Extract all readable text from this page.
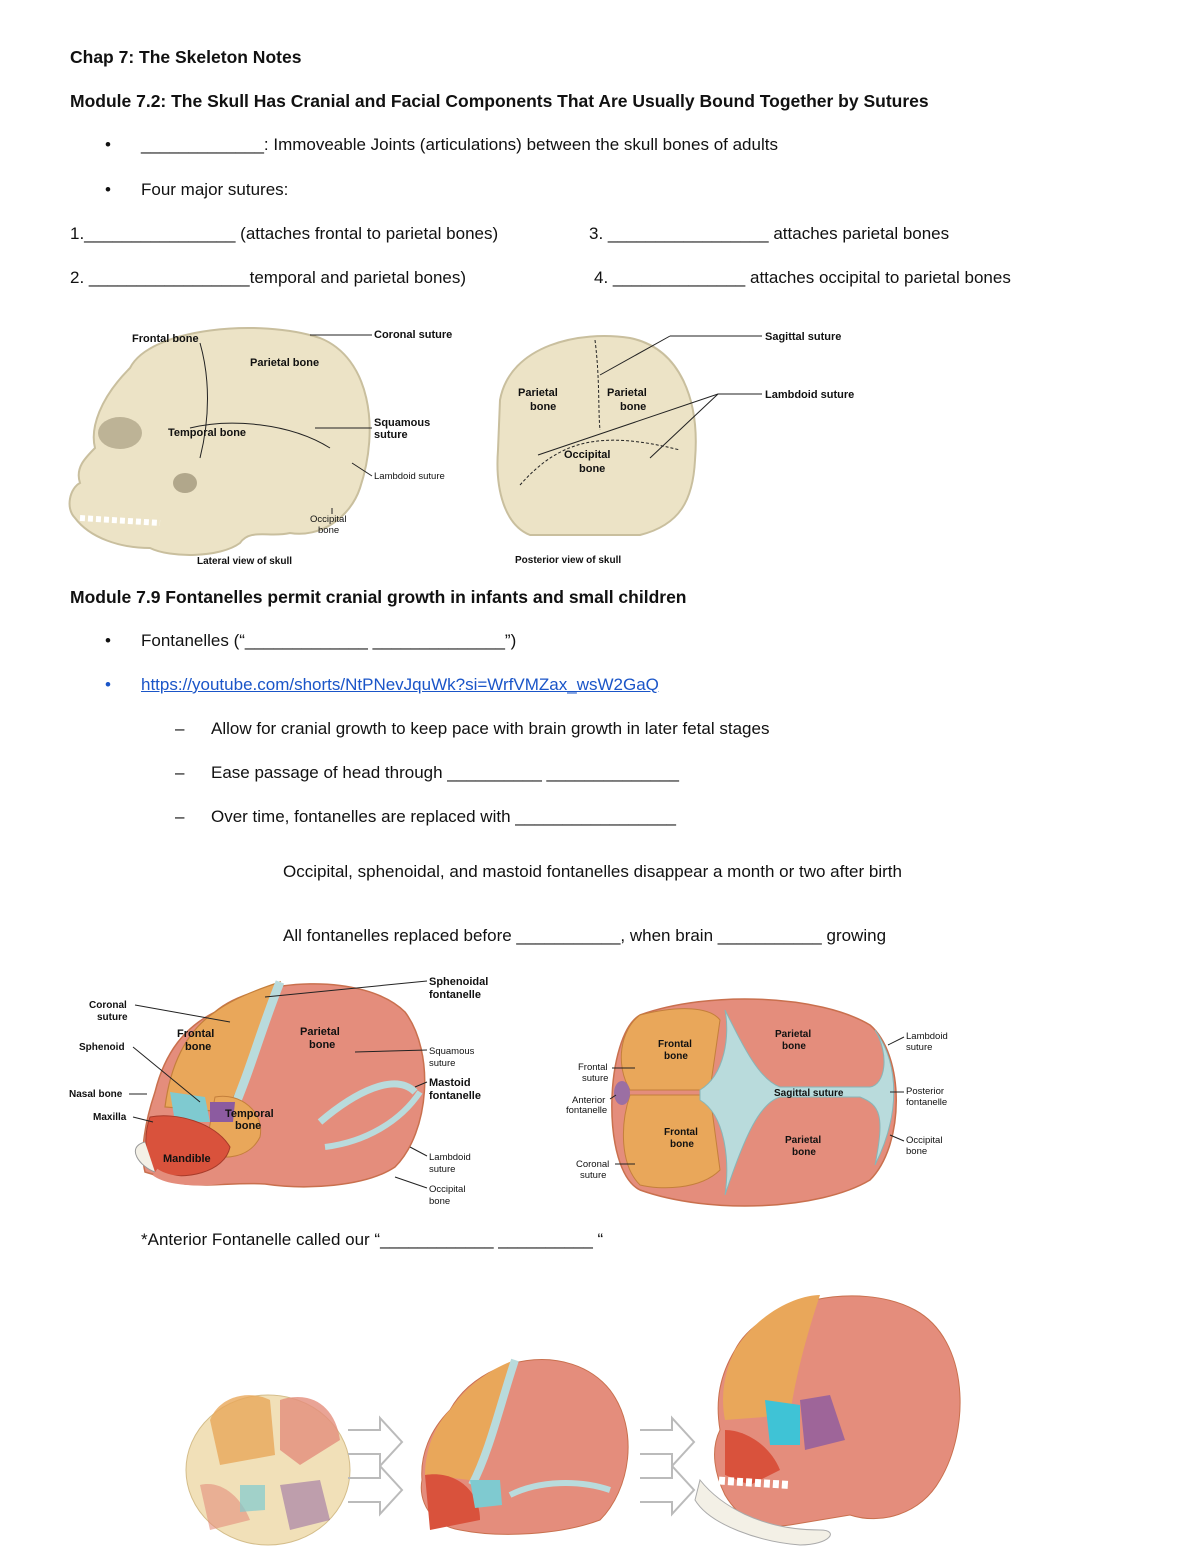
Chap 7: The Skeleton Notes
Module 7.2: The Skull Has Cranial and Facial Components That Are Usually Bound Together by Sutures
• _____________: Immoveable Joints (articulations) between the skull bones of adults
• Four major sutures:
1.________________ (attaches frontal to parietal bones)	3. _________________ attaches parietal bones
2. _________________temporal and parietal bones)	4. ______________ attaches occipital to parietal bones
Frontal bone
Parietal bone
Temporal bone
Coronal suture
Squamous
suture
Lambdoid suture
Occipital
bone
Lateral view of skull
Parietal
bone
Parietal
bone
Occipital
bone
Sagittal suture
Lambdoid suture
Posterior view of skull
Module 7.9 Fontanelles permit cranial growth in infants and small children
• Fontanelles (“_____________ ______________”)
• https://youtube.com/shorts/NtPNevJquWk?si=WrfVMZax_wsW2GaQ
– Allow for cranial growth to keep pace with brain growth in later fetal stages
– Ease passage of head through __________ ______________
– Over time, fontanelles are replaced with _________________
Occipital, sphenoidal, and mastoid fontanelles disappear a month or two after birth
All fontanelles replaced before ___________, when brain ___________ growing
Sphenoidal
fontanelle
Coronal
suture
Sphenoid
Nasal bone
Maxilla
Frontal
bone
Parietal
bone
Temporal
bone
Mandible
Squamous
suture
Mastoid
fontanelle
Lambdoid
suture
Occipital
bone
Frontal
bone
Frontal
bone
Parietal
bone
Parietal
bone
Sagittal suture
Frontal
suture
Anterior
fontanelle
Coronal
suture
Lambdoid
suture
Posterior
fontanelle
Occipital
bone
*Anterior Fontanelle called our “____________ __________ “
